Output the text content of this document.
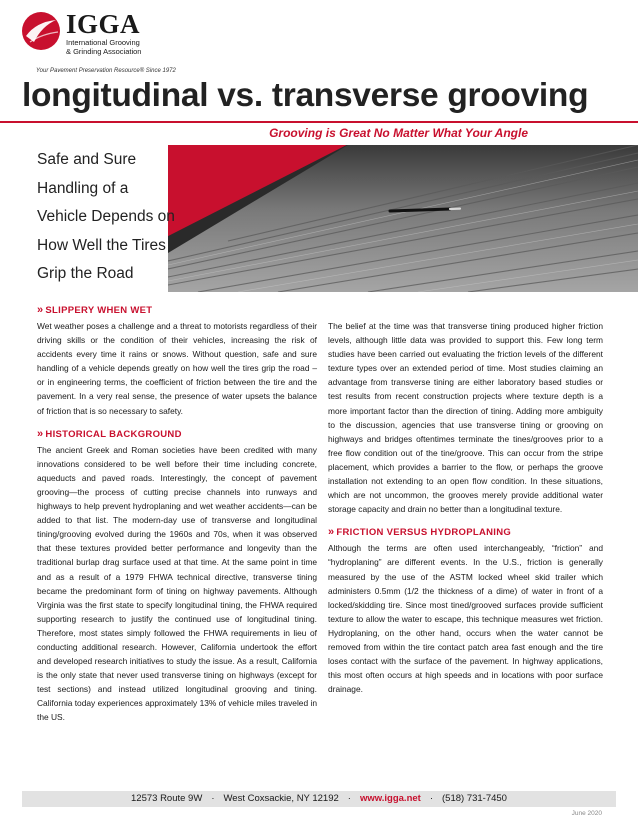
IGGA
International Grooving
& Grinding Association
Your Pavement Preservation Resource® Since 1972
longitudinal vs. transverse grooving
Grooving is Great No Matter What Your Angle
Safe and Sure
Handling of a
Vehicle Depends on
How Well the Tires
Grip the Road
» SLIPPERY WHEN WET

Wet weather poses a challenge and a threat to motorists regardless of their driving skills or the condition of their vehicles, increasing the risk of accidents every time it rains or snows. Without question, safe and sure handling of a vehicle depends greatly on how well the tires grip the road – or in engineering terms, the coefficient of friction between the tire and the pavement. In a very real sense, the presence of water upsets the balance of friction that is so necessary to safety.

» HISTORICAL BACKGROUND

The ancient Greek and Roman societies have been credited with many innovations considered to be well before their time including concrete, aqueducts and paved roads. Interestingly, the concept of pavement grooving—the process of cutting precise channels into runways and highways to help prevent hydroplaning and wet weather accidents—can be added to that list. The modern-day use of transverse and longitudinal tining/grooving evolved during the 1960s and 70s, when it was observed that these textures provided better performance and longevity than the traditional burlap drag surface used at that time. At the same point in time and as a result of a 1979 FHWA technical directive, transverse tining became the predominant form of tining on highway pavements. Although Virginia was the first state to specify longitudinal tining, the FHWA required supporting research to justify the continued use of longitudinal tining. Therefore, most states simply followed the FHWA requirements in lieu of conducting additional research. However, California undertook the effort and developed research initiatives to study the issue. As a result, California is the only state that never used transverse tining on highways (except for test sections) and instead utilized longitudinal grooving and tining. California today experiences approximately 13% of vehicle miles traveled in the US.

The belief at the time was that transverse tining produced higher friction levels, although little data was provided to support this. Few long term studies have been carried out evaluating the friction levels of the different texture types over an extended period of time. Most studies claiming an advantage from transverse tining are either laboratory based studies or test results from recent construction projects where texture depth is a more important factor than the direction of tining. Adding more ambiguity to the discussion, agencies that use transverse tining or grooving on highways and bridges oftentimes terminate the tines/grooves prior to a free flow condition out of the tine/groove. This can occur from the stripe placement, which provides a barrier to the flow, or perhaps the groove installation not extending to an open flow condition. In these situations, which are not uncommon, the grooves merely provide additional water storage capacity and drain no better than a longitudinal texture.

» FRICTION VERSUS HYDROPLANING

Although the terms are often used interchangeably, “friction” and “hydroplaning” are different events. In the U.S., friction is generally measured by the use of the ASTM locked wheel skid trailer which administers 0.5mm (1/2 the thickness of a dime) of water in front of a locked/skidding tire. Since most tined/grooved surfaces provide sufficient texture to allow the water to escape, this technique measures wet friction. Hydroplaning, on the other hand, occurs when the water cannot be removed from within the tire contact patch area fast enough and the tire loses contact with the surface of the pavement. In highway applications, this most often occurs at high speeds and in locations with poor surface drainage.

12573 Route 9W · West Coxsackie, NY 12192 · www.igga.net · (518) 731-7450
June 2020
